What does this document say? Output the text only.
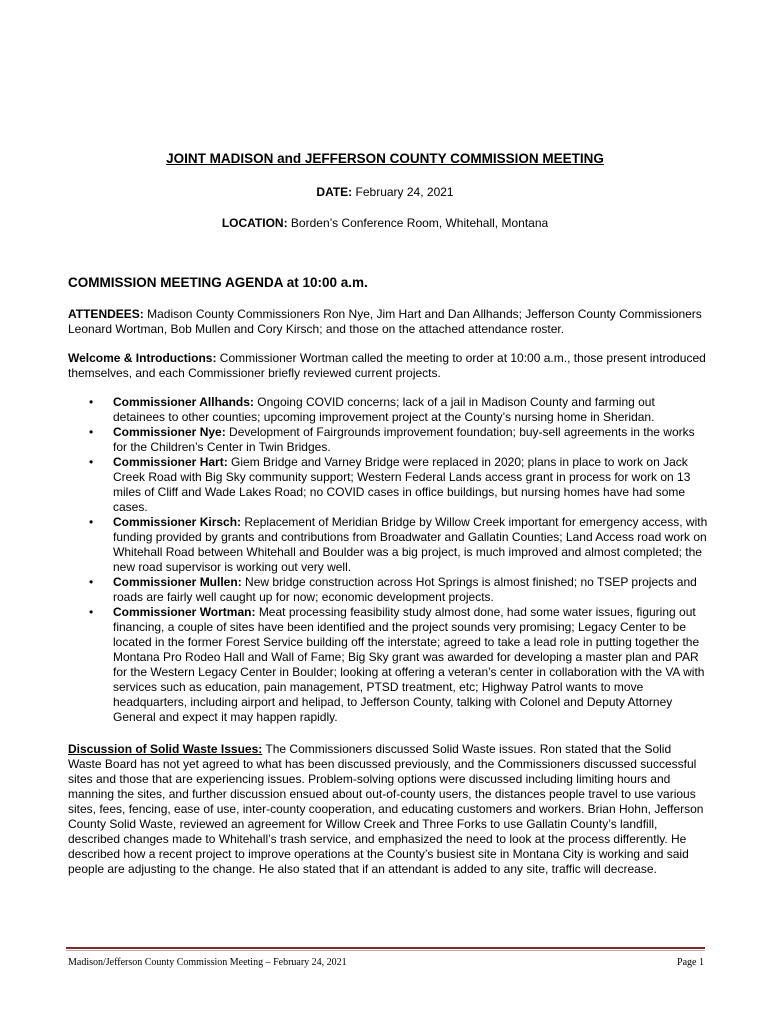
JOINT MADISON and JEFFERSON COUNTY COMMISSION MEETING
DATE: February 24, 2021
LOCATION: Borden’s Conference Room, Whitehall, Montana
COMMISSION MEETING AGENDA at 10:00 a.m.
ATTENDEES: Madison County Commissioners Ron Nye, Jim Hart and Dan Allhands; Jefferson County Commissioners Leonard Wortman, Bob Mullen and Cory Kirsch; and those on the attached attendance roster.
Welcome & Introductions: Commissioner Wortman called the meeting to order at 10:00 a.m., those present introduced themselves, and each Commissioner briefly reviewed current projects.
• Commissioner Allhands: Ongoing COVID concerns; lack of a jail in Madison County and farming out detainees to other counties; upcoming improvement project at the County’s nursing home in Sheridan.
• Commissioner Nye: Development of Fairgrounds improvement foundation; buy-sell agreements in the works for the Children’s Center in Twin Bridges.
• Commissioner Hart: Giem Bridge and Varney Bridge were replaced in 2020; plans in place to work on Jack Creek Road with Big Sky community support; Western Federal Lands access grant in process for work on 13 miles of Cliff and Wade Lakes Road; no COVID cases in office buildings, but nursing homes have had some cases.
• Commissioner Kirsch: Replacement of Meridian Bridge by Willow Creek important for emergency access, with funding provided by grants and contributions from Broadwater and Gallatin Counties; Land Access road work on Whitehall Road between Whitehall and Boulder was a big project, is much improved and almost completed; the new road supervisor is working out very well.
• Commissioner Mullen: New bridge construction across Hot Springs is almost finished; no TSEP projects and roads are fairly well caught up for now; economic development projects.
• Commissioner Wortman: Meat processing feasibility study almost done, had some water issues, figuring out financing, a couple of sites have been identified and the project sounds very promising; Legacy Center to be located in the former Forest Service building off the interstate; agreed to take a lead role in putting together the Montana Pro Rodeo Hall and Wall of Fame; Big Sky grant was awarded for developing a master plan and PAR for the Western Legacy Center in Boulder; looking at offering a veteran’s center in collaboration with the VA with services such as education, pain management, PTSD treatment, etc; Highway Patrol wants to move headquarters, including airport and helipad, to Jefferson County, talking with Colonel and Deputy Attorney General and expect it may happen rapidly.
Discussion of Solid Waste Issues: The Commissioners discussed Solid Waste issues. Ron stated that the Solid Waste Board has not yet agreed to what has been discussed previously, and the Commissioners discussed successful sites and those that are experiencing issues. Problem-solving options were discussed including limiting hours and manning the sites, and further discussion ensued about out-of-county users, the distances people travel to use various sites, fees, fencing, ease of use, inter-county cooperation, and educating customers and workers. Brian Hohn, Jefferson County Solid Waste, reviewed an agreement for Willow Creek and Three Forks to use Gallatin County’s landfill, described changes made to Whitehall’s trash service, and emphasized the need to look at the process differently. He described how a recent project to improve operations at the County’s busiest site in Montana City is working and said people are adjusting to the change. He also stated that if an attendant is added to any site, traffic will decrease.
Madison/Jefferson County Commission Meeting – February 24, 2021	Page 1
